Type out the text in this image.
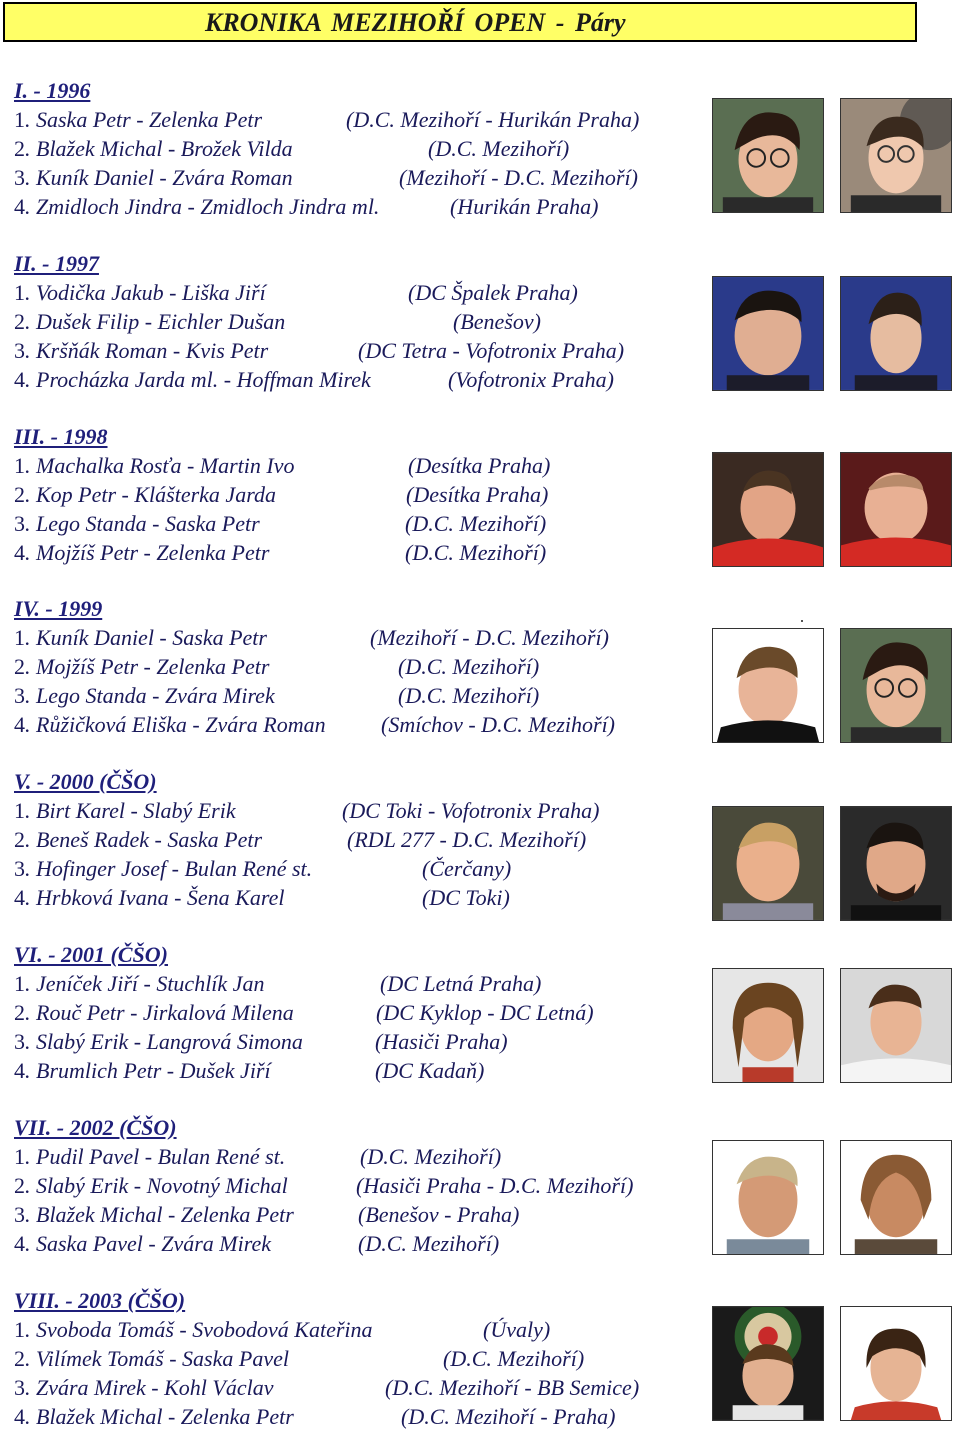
KRONIKA MEZIHOŘÍ OPEN - Páry
I. - 1996
1. Saska Petr - Zelenka Petr	(D.C. Mezihoří - Hurikán Praha)
2. Blažek Michal - Brožek Vilda	(D.C. Mezihoří)
3. Kuník Daniel - Zvára Roman	(Mezihoří - D.C. Mezihoří)
4. Zmidloch Jindra - Zmidloch Jindra ml.	(Hurikán Praha)
II. - 1997
1. Vodička Jakub - Liška Jiří	(DC Špalek Praha)
2. Dušek Filip - Eichler Dušan	(Benešov)
3. Kršňák Roman - Kvis Petr	(DC Tetra - Vofotronix Praha)
4. Procházka Jarda ml. - Hoffman Mirek	(Vofotronix Praha)
III. - 1998
1. Machalka Rosťa - Martin Ivo	(Desítka Praha)
2. Kop Petr - Klášterka Jarda	(Desítka Praha)
3. Lego Standa - Saska Petr	(D.C. Mezihoří)
4. Mojžíš Petr - Zelenka Petr	(D.C. Mezihoří)
IV. - 1999
1. Kuník Daniel - Saska Petr	(Mezihoří - D.C. Mezihoří)
2. Mojžíš Petr - Zelenka Petr	(D.C. Mezihoří)
3. Lego Standa - Zvára Mirek	(D.C. Mezihoří)
4. Růžičková Eliška - Zvára Roman	(Smíchov - D.C. Mezihoří)
V. - 2000 (ČŠO)
1. Birt Karel - Slabý Erik	(DC Toki - Vofotronix Praha)
2. Beneš Radek - Saska Petr	(RDL 277 - D.C. Mezihoří)
3. Hofinger Josef - Bulan René st.	(Čerčany)
4. Hrbková Ivana - Šena Karel	(DC Toki)
VI. - 2001 (ČŠO)
1. Jeníček Jiří - Stuchlík Jan	(DC Letná Praha)
2. Rouč Petr - Jirkalová Milena	(DC Kyklop - DC Letná)
3. Slabý Erik - Langrová Simona	(Hasiči Praha)
4. Brumlich Petr - Dušek Jiří	(DC Kadaň)
VII. - 2002 (ČŠO)
1. Pudil Pavel - Bulan René st.	(D.C. Mezihoří)
2. Slabý Erik - Novotný Michal	(Hasiči Praha - D.C. Mezihoří)
3. Blažek Michal - Zelenka Petr	(Benešov - Praha)
4. Saska Pavel - Zvára Mirek	(D.C. Mezihoří)
VIII. - 2003 (ČŠO)
1. Svoboda Tomáš - Svobodová Kateřina	(Úvaly)
2. Vilímek Tomáš - Saska Pavel	(D.C. Mezihoří)
3. Zvára Mirek - Kohl Václav	(D.C. Mezihoří - BB Semice)
4. Blažek Michal - Zelenka Petr	(D.C. Mezihoří - Praha)
